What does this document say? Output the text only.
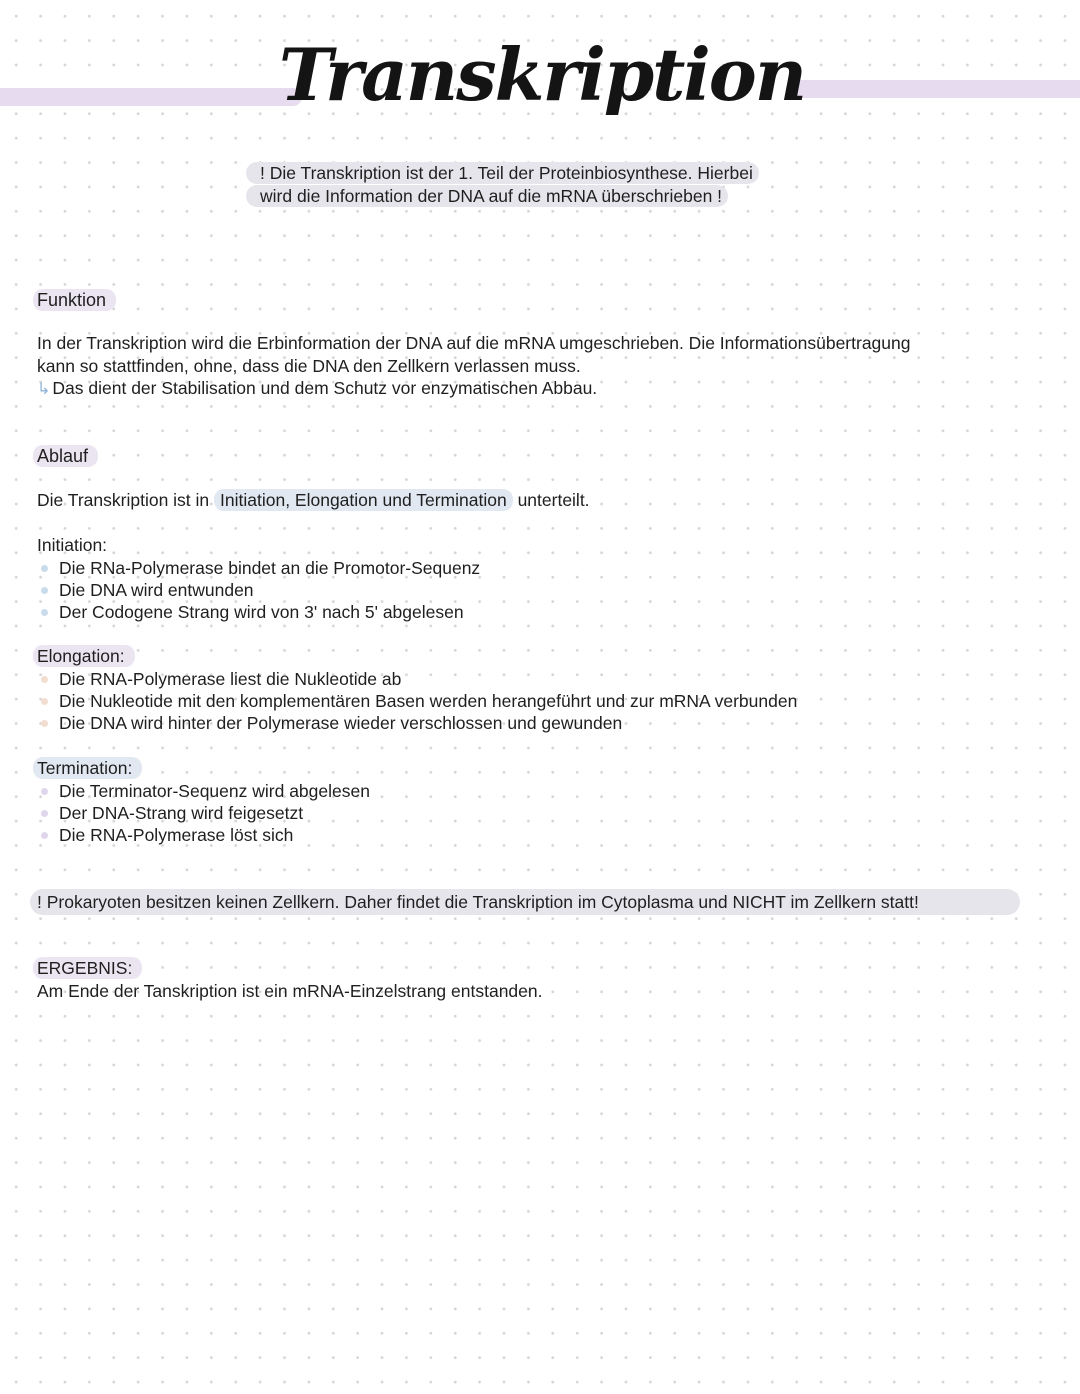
Transkription
! Die Transkription ist der 1. Teil der Proteinbiosynthese. Hierbei
wird die Information der DNA auf die mRNA überschrieben !
Funktion
In der Transkription wird die Erbinformation der DNA auf die mRNA umgeschrieben. Die Informationsübertragung
kann so stattfinden, ohne, dass die DNA den Zellkern verlassen muss.
↳ Das dient der Stabilisation und dem Schutz vor enzymatischen Abbau.
Ablauf
Die Transkription ist in Initiation, Elongation und Termination unterteilt.
Initiation:
Die RNa-Polymerase bindet an die Promotor-Sequenz
Die DNA wird entwunden
Der Codogene Strang wird von 3' nach 5' abgelesen
Elongation:
Die RNA-Polymerase liest die Nukleotide ab
Die Nukleotide mit den komplementären Basen werden herangeführt und zur mRNA verbunden
Die DNA wird hinter der Polymerase wieder verschlossen und gewunden
Termination:
Die Terminator-Sequenz wird abgelesen
Der DNA-Strang wird feigesetzt
Die RNA-Polymerase löst sich
! Prokaryoten besitzen keinen Zellkern. Daher findet die Transkription im Cytoplasma und NICHT im Zellkern statt!
ERGEBNIS:
Am Ende der Tanskription ist ein mRNA-Einzelstrang entstanden.
